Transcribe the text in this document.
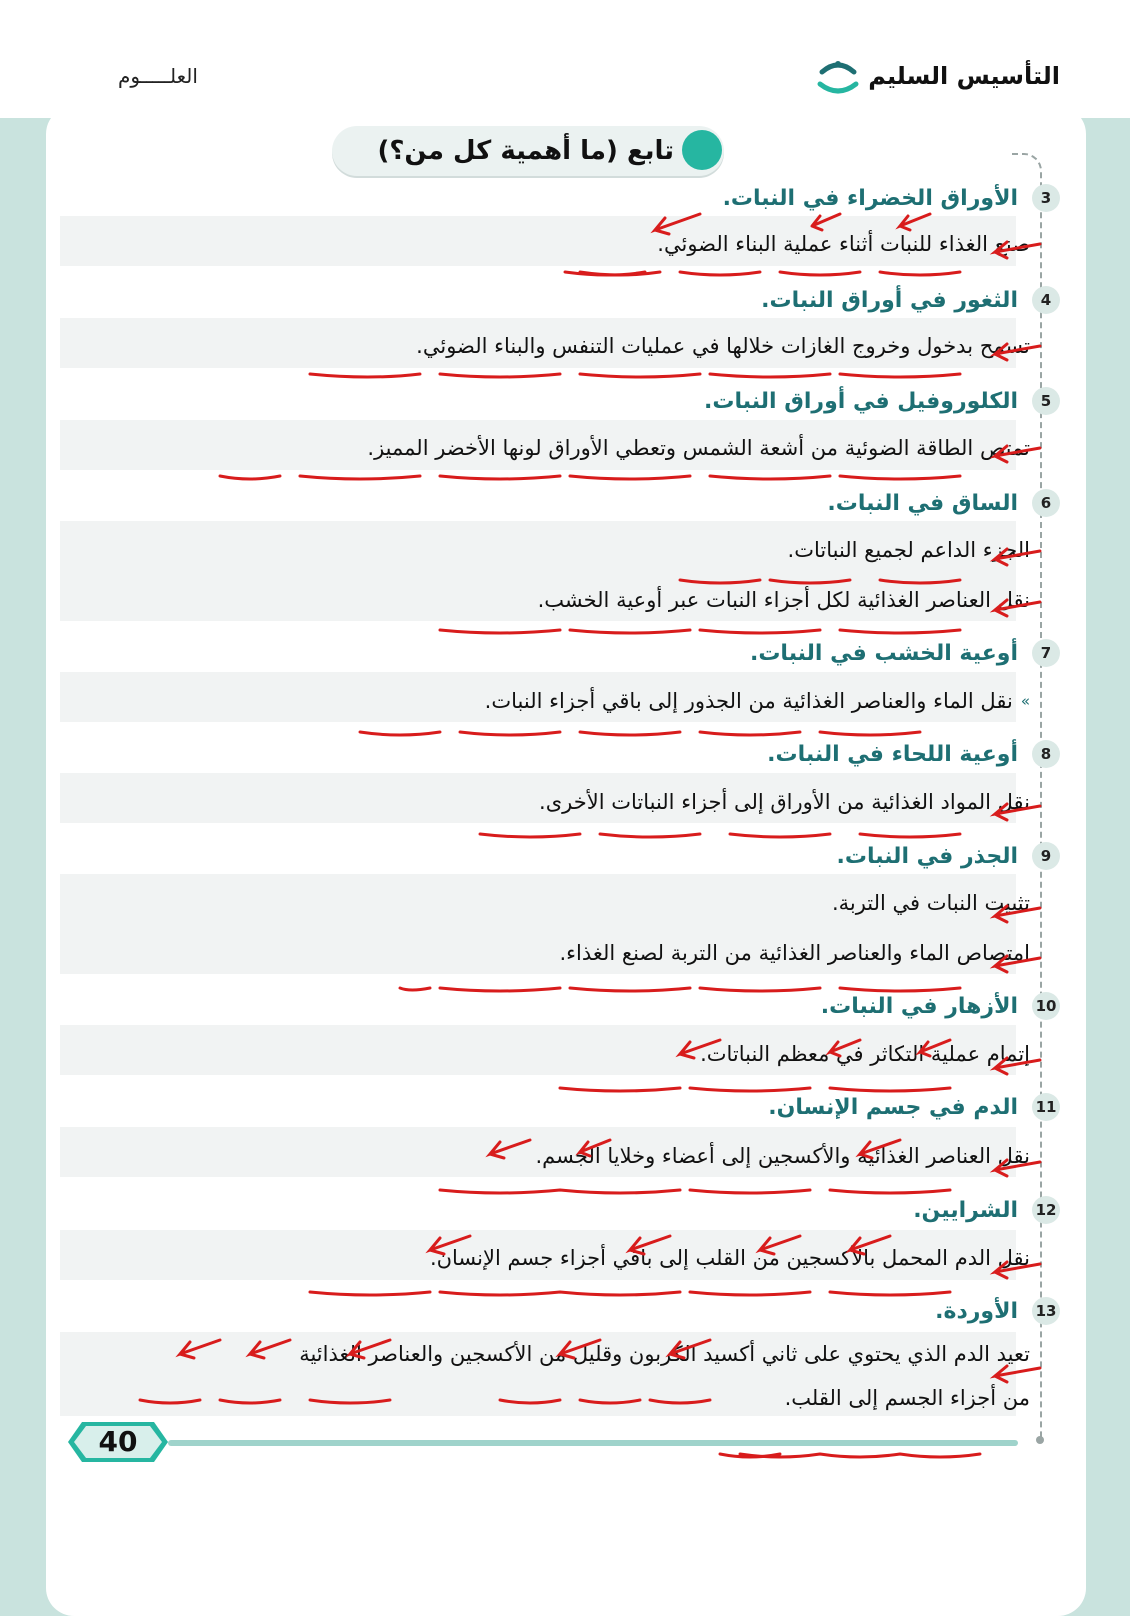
التأسيس السليم
العلـــــوم
تابع (ما أهمية كل من؟)
3
الأوراق الخضراء في النبات.
صنع الغذاء للنبات أثناء عملية البناء الضوئي.
4
الثغور في أوراق النبات.
تسمح بدخول وخروج الغازات خلالها في عمليات التنفس والبناء الضوئي.
5
الكلوروفيل في أوراق النبات.
تمتص الطاقة الضوئية من أشعة الشمس وتعطي الأوراق لونها الأخضر المميز.
6
الساق في النبات.
الجزء الداعم لجميع النباتات.
نقل العناصر الغذائية لكل أجزاء النبات عبر أوعية الخشب.
7
أوعية الخشب في النبات.
»
نقل الماء والعناصر الغذائية من الجذور إلى باقي أجزاء النبات.
8
أوعية اللحاء في النبات.
نقل المواد الغذائية من الأوراق إلى أجزاء النباتات الأخرى.
9
الجذر في النبات.
تثبيت النبات في التربة.
امتصاص الماء والعناصر الغذائية من التربة لصنع الغذاء.
10
الأزهار في النبات.
إتمام عملية التكاثر في معظم النباتات.
11
الدم في جسم الإنسان.
نقل العناصر الغذائية والأكسجين إلى أعضاء وخلايا الجسم.
12
الشرايين.
نقل الدم المحمل بالأكسجين من القلب إلى باقي أجزاء جسم الإنسان.
13
الأوردة.
تعيد الدم الذي يحتوي على ثاني أكسيد الكربون وقليل من الأكسجين والعناصر الغذائية
من أجزاء الجسم إلى القلب.
40
